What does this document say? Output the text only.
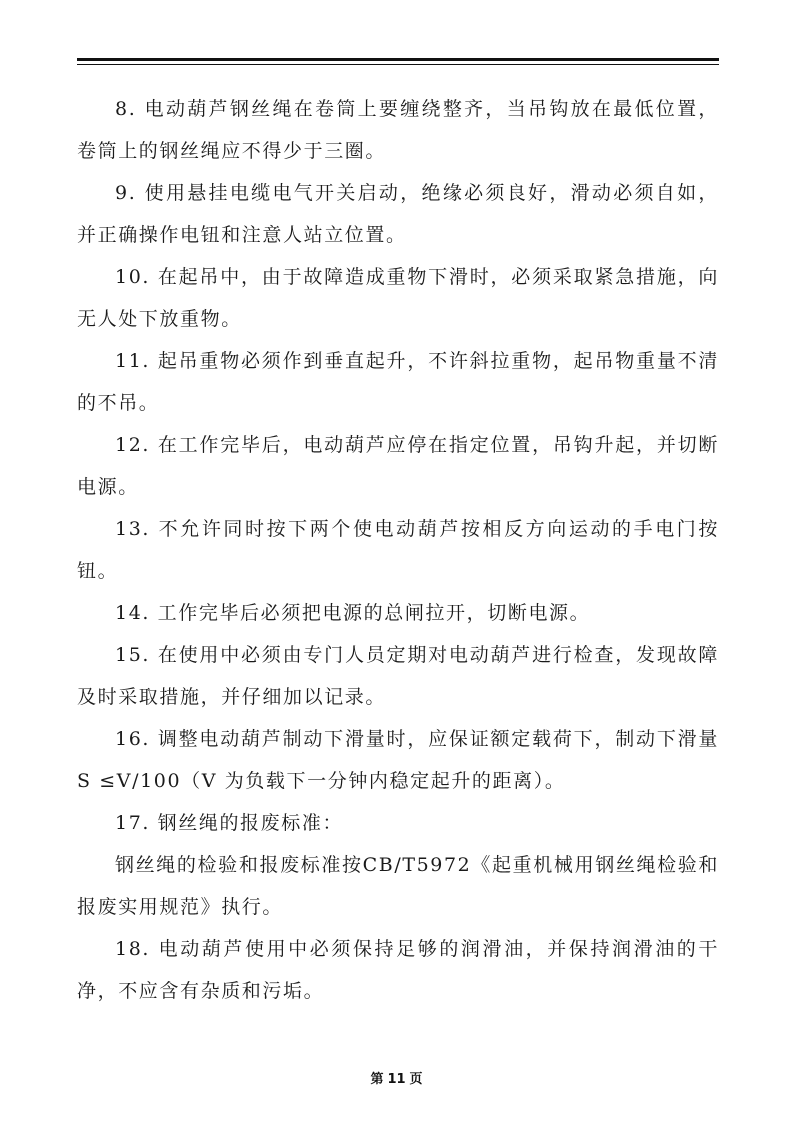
8. 电动葫芦钢丝绳在卷筒上要缠绕整齐，当吊钩放在最低位置，卷筒上的钢丝绳应不得少于三圈。

9. 使用悬挂电缆电气开关启动，绝缘必须良好，滑动必须自如，并正确操作电钮和注意人站立位置。

10. 在起吊中，由于故障造成重物下滑时，必须采取紧急措施，向无人处下放重物。

11. 起吊重物必须作到垂直起升，不许斜拉重物，起吊物重量不清的不吊。

12. 在工作完毕后，电动葫芦应停在指定位置，吊钩升起，并切断电源。

13. 不允许同时按下两个使电动葫芦按相反方向运动的手电门按钮。

14. 工作完毕后必须把电源的总闸拉开，切断电源。

15. 在使用中必须由专门人员定期对电动葫芦进行检查，发现故障及时采取措施，并仔细加以记录。

16. 调整电动葫芦制动下滑量时，应保证额定载荷下，制动下滑量S ≤V/100（V 为负载下一分钟内稳定起升的距离）。

17. 钢丝绳的报废标准：

钢丝绳的检验和报废标准按CB/T5972《起重机械用钢丝绳检验和报废实用规范》执行。

18. 电动葫芦使用中必须保持足够的润滑油，并保持润滑油的干净，不应含有杂质和污垢。

第 11 页
